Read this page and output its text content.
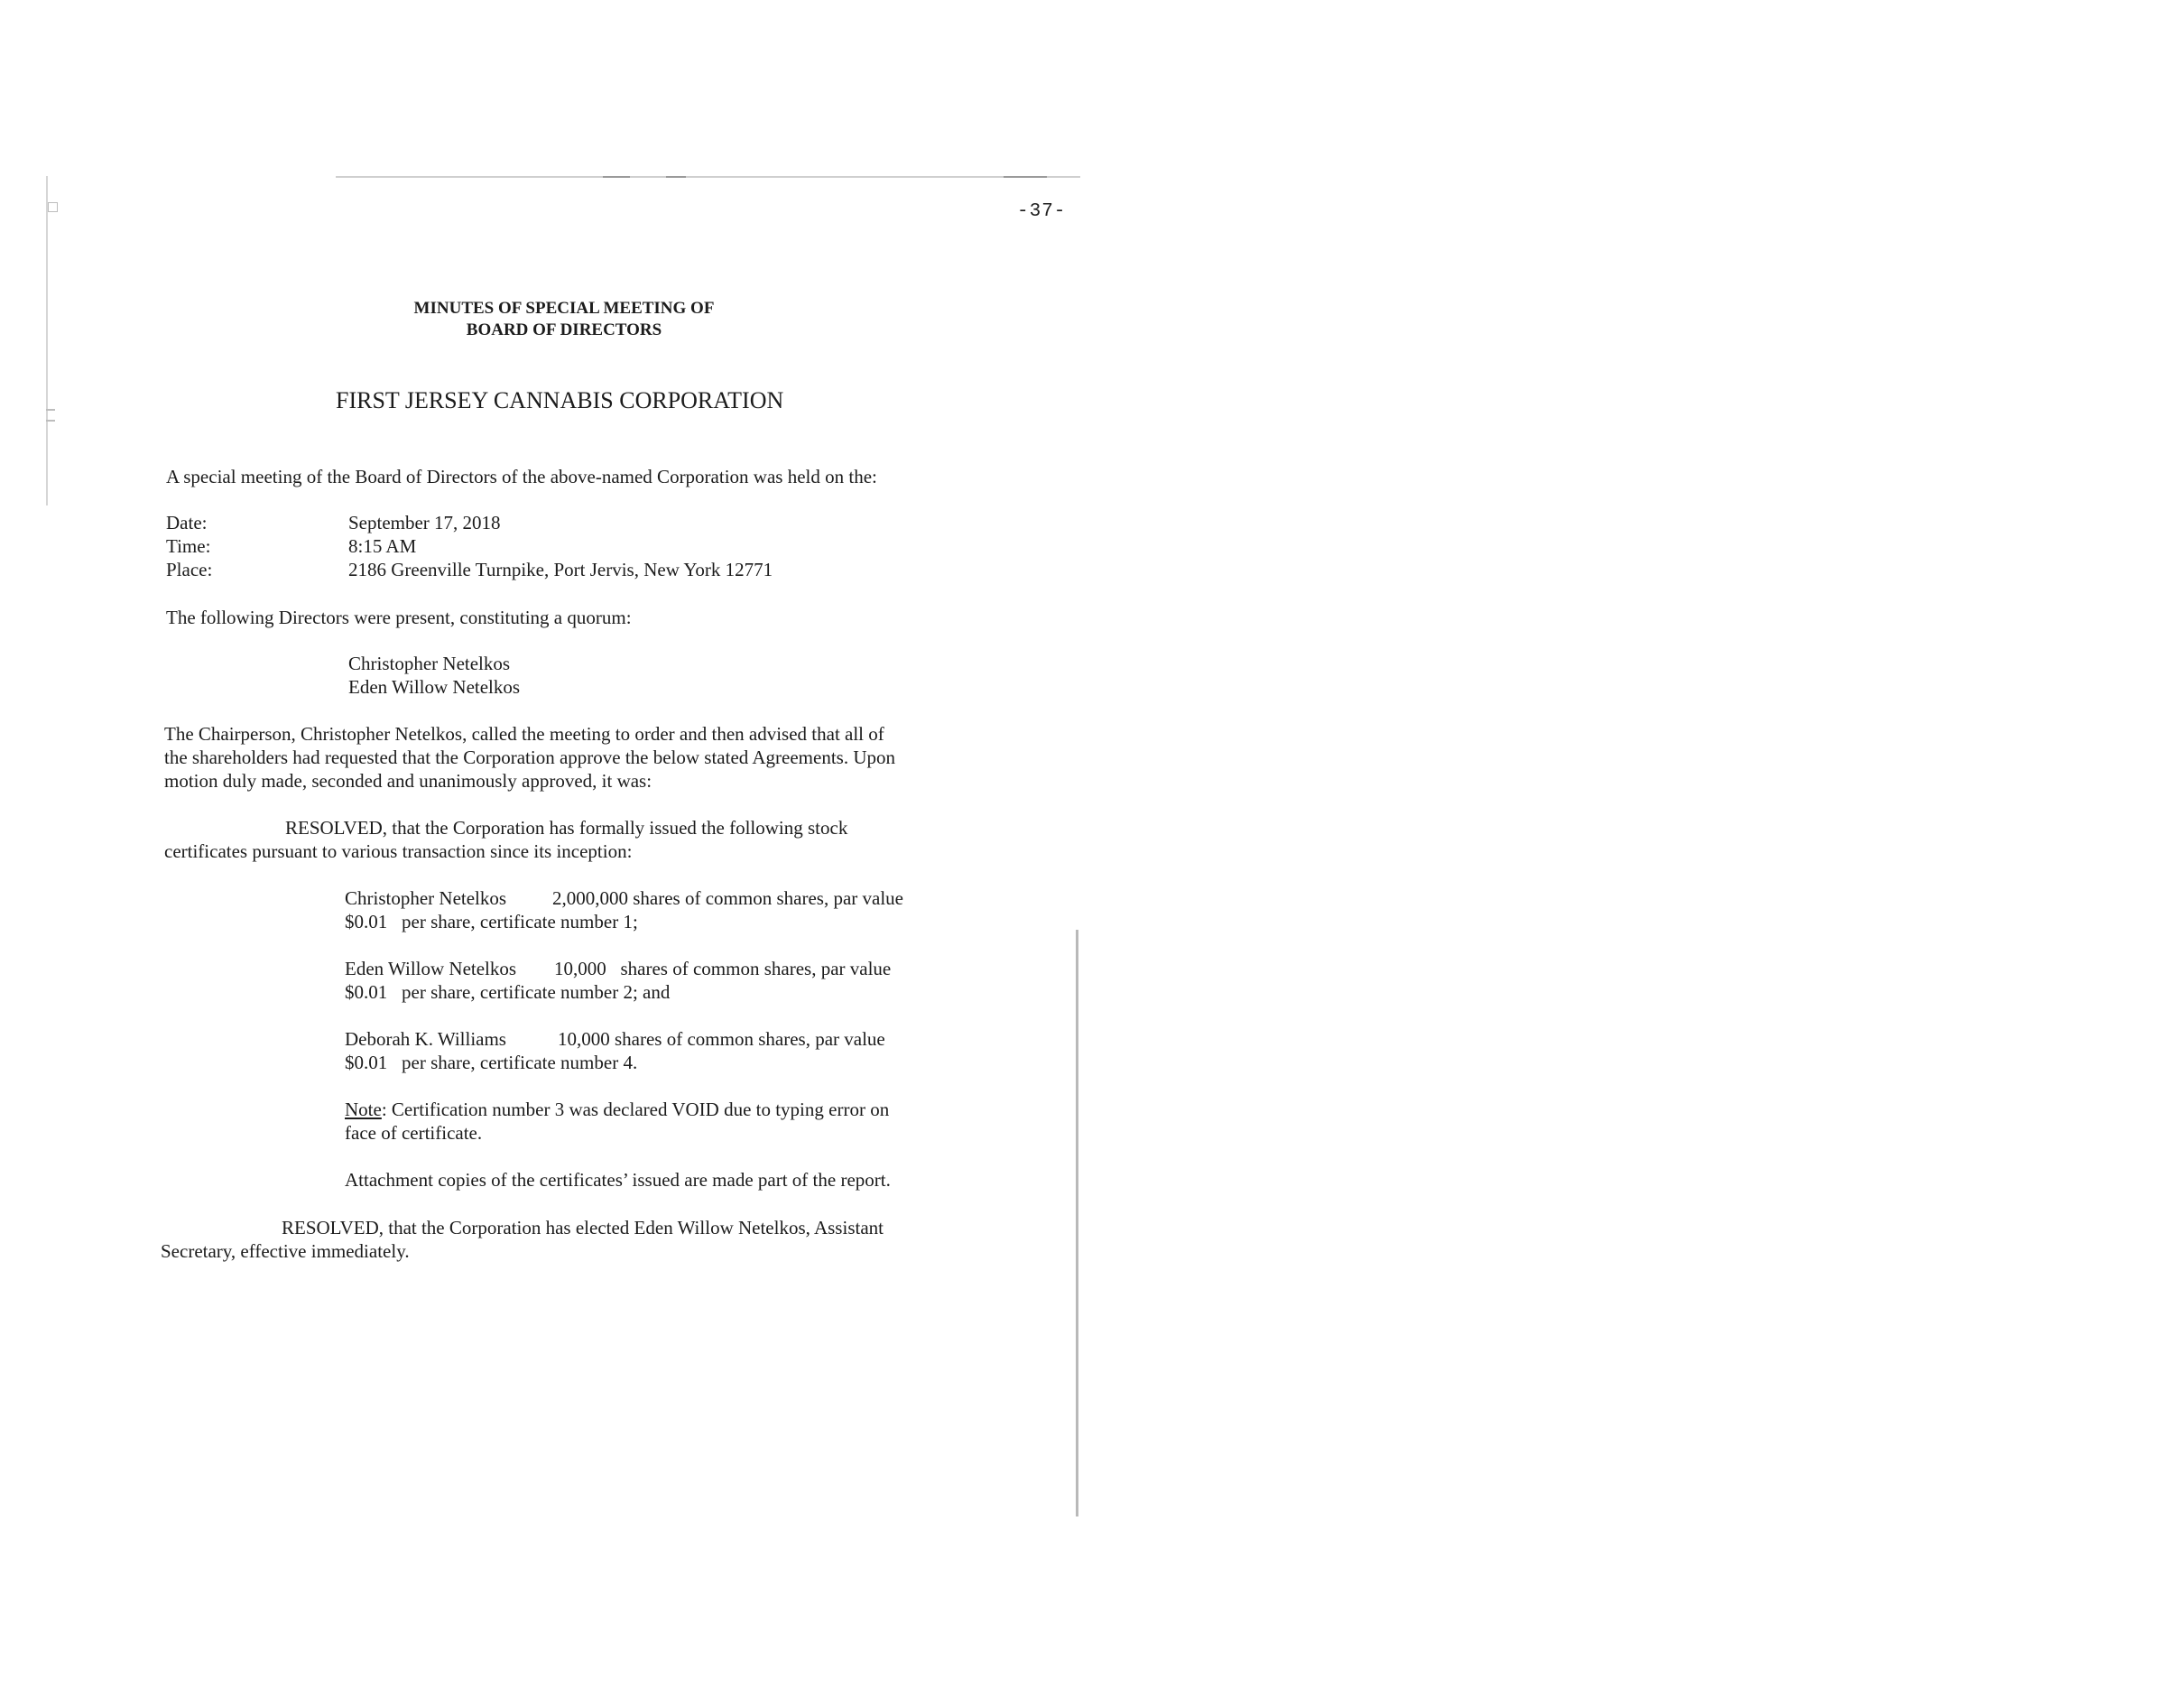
-37-
MINUTES OF SPECIAL MEETING OF
BOARD OF DIRECTORS
FIRST JERSEY CANNABIS CORPORATION
A special meeting of the Board of Directors of the above-named Corporation was held on the:
Date:	September 17, 2018
Time:	8:15 AM
Place:	2186 Greenville Turnpike, Port Jervis, New York 12771
The following Directors were present, constituting a quorum:
Christopher Netelkos
Eden Willow Netelkos
The Chairperson, Christopher Netelkos, called the meeting to order and then advised that all of
the shareholders had requested that the Corporation approve the below stated Agreements. Upon
motion duly made, seconded and unanimously approved, it was:
RESOLVED, that the Corporation has formally issued the following stock
certificates pursuant to various transaction since its inception:
Christopher Netelkos 2,000,000 shares of common shares, par value
$0.01   per share, certificate number 1;
Eden Willow Netelkos 10,000   shares of common shares, par value
$0.01   per share, certificate number 2; and
Deborah K. Williams	10,000 shares of common shares, par value
$0.01   per share, certificate number 4.
Note: Certification number 3 was declared VOID due to typing error on
face of certificate.
Attachment copies of the certificates’ issued are made part of the report.
RESOLVED, that the Corporation has elected Eden Willow Netelkos, Assistant
Secretary, effective immediately.
